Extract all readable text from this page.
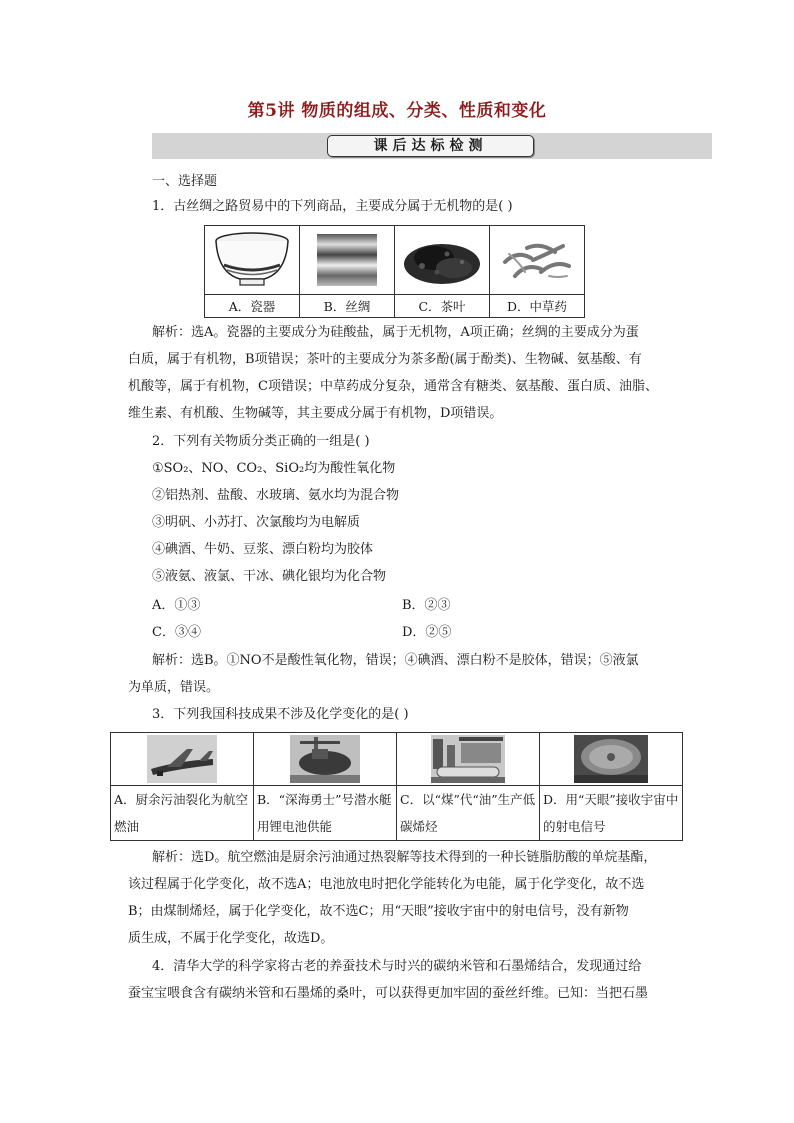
第5讲 物质的组成、分类、性质和变化
课后达标检测
一、选择题
1．古丝绸之路贸易中的下列商品，主要成分属于无机物的是( )

A．瓷器	B．丝绸	C．茶叶	D．中草药
解析：选A。瓷器的主要成分为硅酸盐，属于无机物，A项正确；丝绸的主要成分为蛋
白质，属于有机物，B项错误；茶叶的主要成分为茶多酚(属于酚类)、生物碱、氨基酸、有
机酸等，属于有机物，C项错误；中草药成分复杂，通常含有糖类、氨基酸、蛋白质、油脂、
维生素、有机酸、生物碱等，其主要成分属于有机物，D项错误。
2．下列有关物质分类正确的一组是( )
①SO₂、NO、CO₂、SiO₂均为酸性氧化物
②铝热剂、盐酸、水玻璃、氨水均为混合物
③明矾、小苏打、次氯酸均为电解质
④碘酒、牛奶、豆浆、漂白粉均为胶体
⑤液氨、液氯、干冰、碘化银均为化合物
A．①③	B．②③
C．③④	D．②⑤
解析：选B。①NO不是酸性氧化物，错误；④碘酒、漂白粉不是胶体，错误；⑤液氯
为单质，错误。
3．下列我国科技成果不涉及化学变化的是( )

A．厨余污油裂化为航空燃油	B．“深海勇士”号潜水艇用锂电池供能	C．以“煤”代“油”生产低碳烯烃	D．用“天眼”接收宇宙中的射电信号
解析：选D。航空燃油是厨余污油通过热裂解等技术得到的一种长链脂肪酸的单烷基酯，
该过程属于化学变化，故不选A；电池放电时把化学能转化为电能，属于化学变化，故不选
B；由煤制烯烃，属于化学变化，故不选C；用“天眼”接收宇宙中的射电信号，没有新物
质生成，不属于化学变化，故选D。
4．清华大学的科学家将古老的养蚕技术与时兴的碳纳米管和石墨烯结合，发现通过给
蚕宝宝喂食含有碳纳米管和石墨烯的桑叶，可以获得更加牢固的蚕丝纤维。已知：当把石墨
